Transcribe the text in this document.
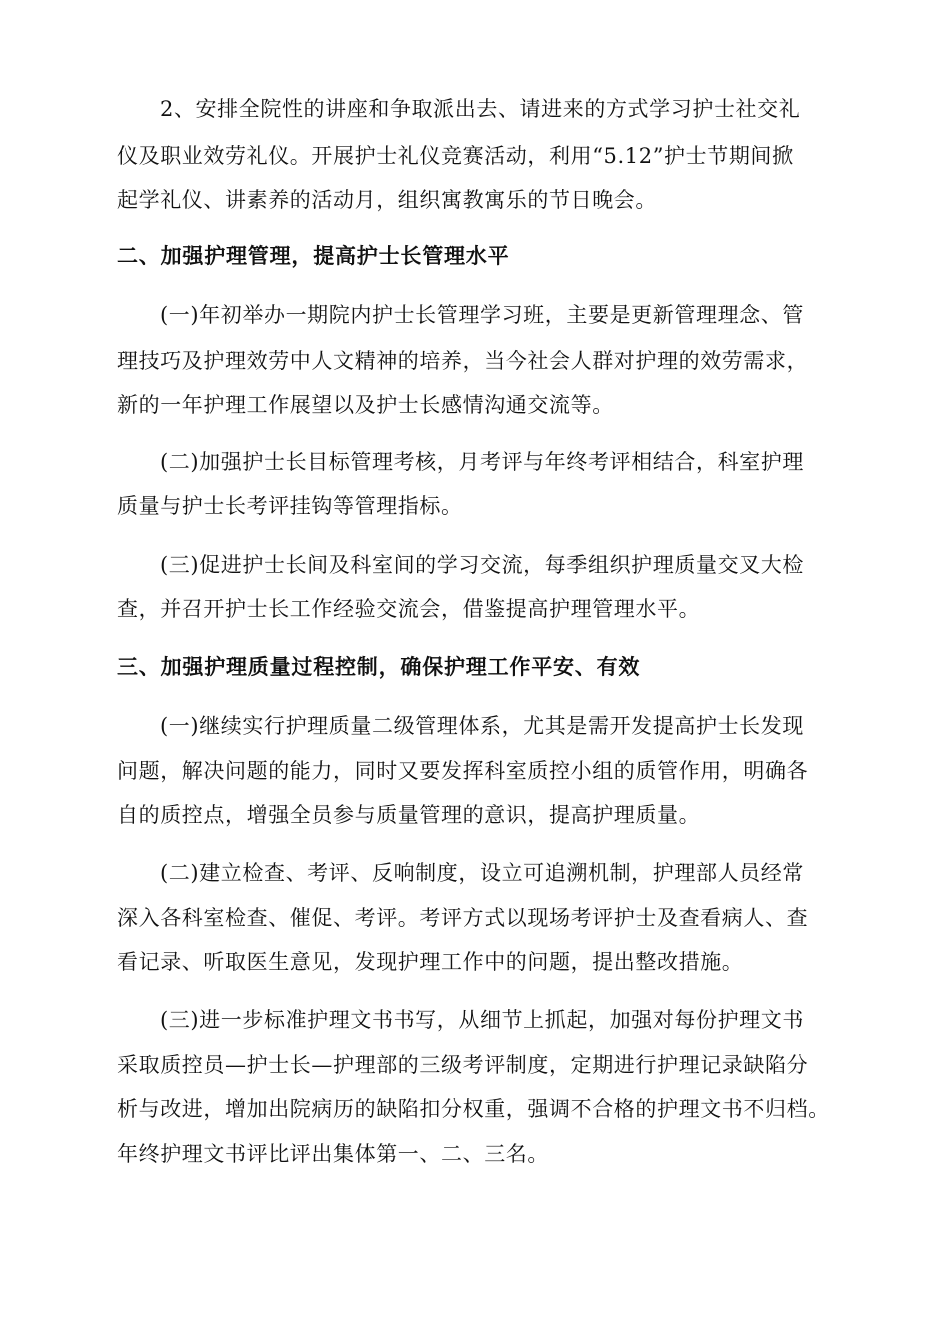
2、安排全院性的讲座和争取派出去、请进来的方式学习护士社交礼
仪及职业效劳礼仪。开展护士礼仪竞赛活动，利用“5.12”护士节期间掀
起学礼仪、讲素养的活动月，组织寓教寓乐的节日晚会。
二、加强护理管理，提高护士长管理水平
(一)年初举办一期院内护士长管理学习班，主要是更新管理理念、管
理技巧及护理效劳中人文精神的培养，当今社会人群对护理的效劳需求，
新的一年护理工作展望以及护士长感情沟通交流等。
(二)加强护士长目标管理考核，月考评与年终考评相结合，科室护理
质量与护士长考评挂钩等管理指标。
(三)促进护士长间及科室间的学习交流，每季组织护理质量交叉大检
查，并召开护士长工作经验交流会，借鉴提高护理管理水平。
三、加强护理质量过程控制，确保护理工作平安、有效
(一)继续实行护理质量二级管理体系，尤其是需开发提高护士长发现
问题，解决问题的能力，同时又要发挥科室质控小组的质管作用，明确各
自的质控点，增强全员参与质量管理的意识，提高护理质量。
(二)建立检查、考评、反响制度，设立可追溯机制，护理部人员经常
深入各科室检查、催促、考评。考评方式以现场考评护士及查看病人、查
看记录、听取医生意见，发现护理工作中的问题，提出整改措施。
(三)进一步标准护理文书书写，从细节上抓起，加强对每份护理文书
采取质控员—护士长—护理部的三级考评制度，定期进行护理记录缺陷分
析与改进，增加出院病历的缺陷扣分权重，强调不合格的护理文书不归档。
年终护理文书评比评出集体第一、二、三名。
